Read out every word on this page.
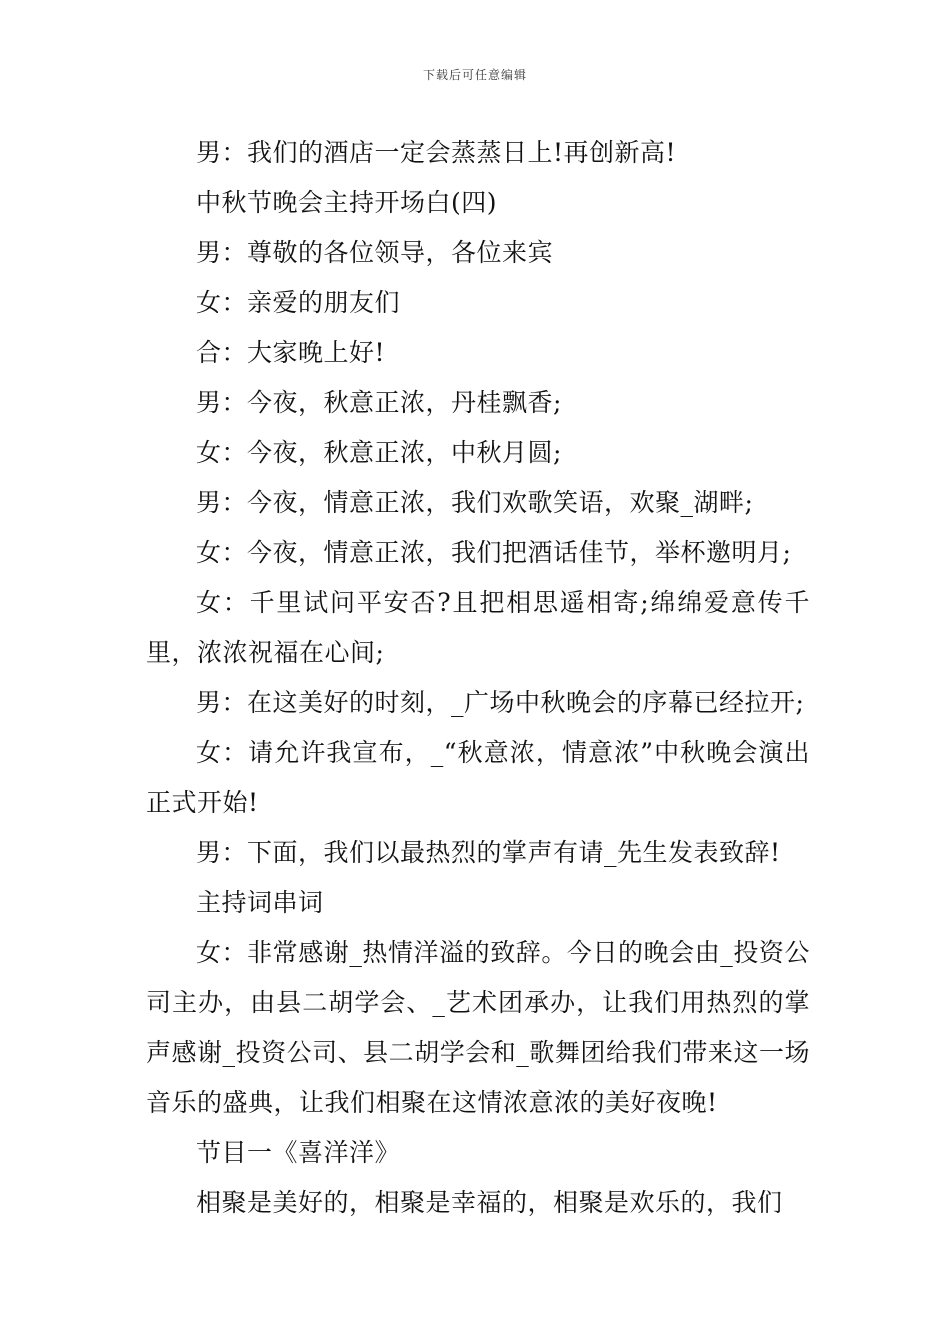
下载后可任意编辑

男：我们的酒店一定会蒸蒸日上!再创新高!

中秋节晚会主持开场白(四)

男：尊敬的各位领导，各位来宾

女：亲爱的朋友们

合：大家晚上好!

男：今夜，秋意正浓，丹桂飘香;

女：今夜，秋意正浓，中秋月圆;

男：今夜，情意正浓，我们欢歌笑语，欢聚_湖畔;

女：今夜，情意正浓，我们把酒话佳节，举杯邀明月;

女：千里试问平安否?且把相思遥相寄;绵绵爱意传千里，浓浓祝福在心间;

男：在这美好的时刻，_广场中秋晚会的序幕已经拉开;

女：请允许我宣布，_“秋意浓，情意浓”中秋晚会演出正式开始!

男：下面，我们以最热烈的掌声有请_先生发表致辞!

主持词串词

女：非常感谢_热情洋溢的致辞。今日的晚会由_投资公司主办，由县二胡学会、_艺术团承办，让我们用热烈的掌声感谢_投资公司、县二胡学会和_歌舞团给我们带来这一场音乐的盛典，让我们相聚在这情浓意浓的美好夜晚!

节目一《喜洋洋》

相聚是美好的，相聚是幸福的，相聚是欢乐的，我们
